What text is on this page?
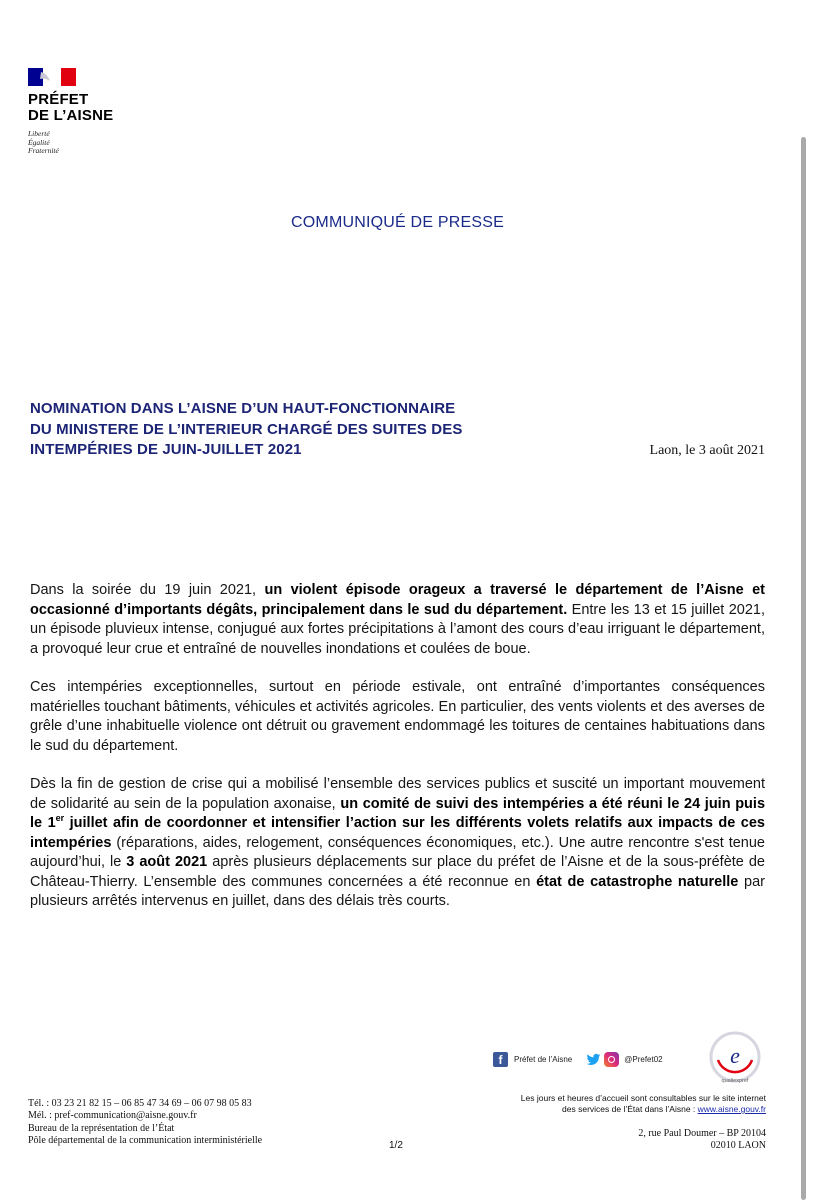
PRÉFET
DE L’AISNE
Liberté
Égalité
Fraternité
COMMUNIQUÉ DE PRESSE
NOMINATION DANS L’AISNE D’UN HAUT-FONCTIONNAIRE
DU MINISTERE DE L’INTERIEUR CHARGÉ DES SUITES DES
INTEMPÉRIES DE JUIN-JUILLET 2021	Laon, le 3 août 2021

Dans la soirée du 19 juin 2021, un violent épisode orageux a traversé le département de l’Aisne et occasionné d’importants dégâts, principalement dans le sud du département. Entre les 13 et 15 juillet 2021, un épisode pluvieux intense, conjugué aux fortes précipitations à l’amont des cours d’eau irriguant le département, a provoqué leur crue et entraîné de nouvelles inondations et coulées de boue.

Ces intempéries exceptionnelles, surtout en période estivale, ont entraîné d’importantes conséquences matérielles touchant bâtiments, véhicules et activités agricoles. En particulier, des vents violents et des averses de grêle d’une inhabituelle violence ont détruit ou gravement endommagé les toitures de centaines habituations dans le sud du département.

Dès la fin de gestion de crise qui a mobilisé l’ensemble des services publics et suscité un important mouvement de solidarité au sein de la population axonaise, un comité de suivi des intempéries a été réuni le 24 juin puis le 1er juillet afin de coordonner et intensifier l’action sur les différents volets relatifs aux impacts de ces intempéries (réparations, aides, relogement, conséquences économiques, etc.). Une autre rencontre s'est tenue aujourd’hui, le 3 août 2021 après plusieurs déplacements sur place du préfet de l’Aisne et de la sous-préfète de Château-Thierry. L’ensemble des communes concernées a été reconnue en état de catastrophe naturelle par plusieurs arrêtés intervenus en juillet, dans des délais très courts.

f	Préfet de l’Aisne	@Prefet02	e
qualiexpref
Les jours et heures d’accueil sont consultables sur le site internet
des services de l’État dans l’Aisne : www.aisne.gouv.fr
Tél. : 03 23 21 82 15 – 06 85 47 34 69 – 06 07 98 05 83
Mél. : pref-communication@aisne.gouv.fr
Bureau de la représentation de l’État
Pôle départemental de la communication interministérielle	1/2
2, rue Paul Doumer – BP 20104
02010 LAON
